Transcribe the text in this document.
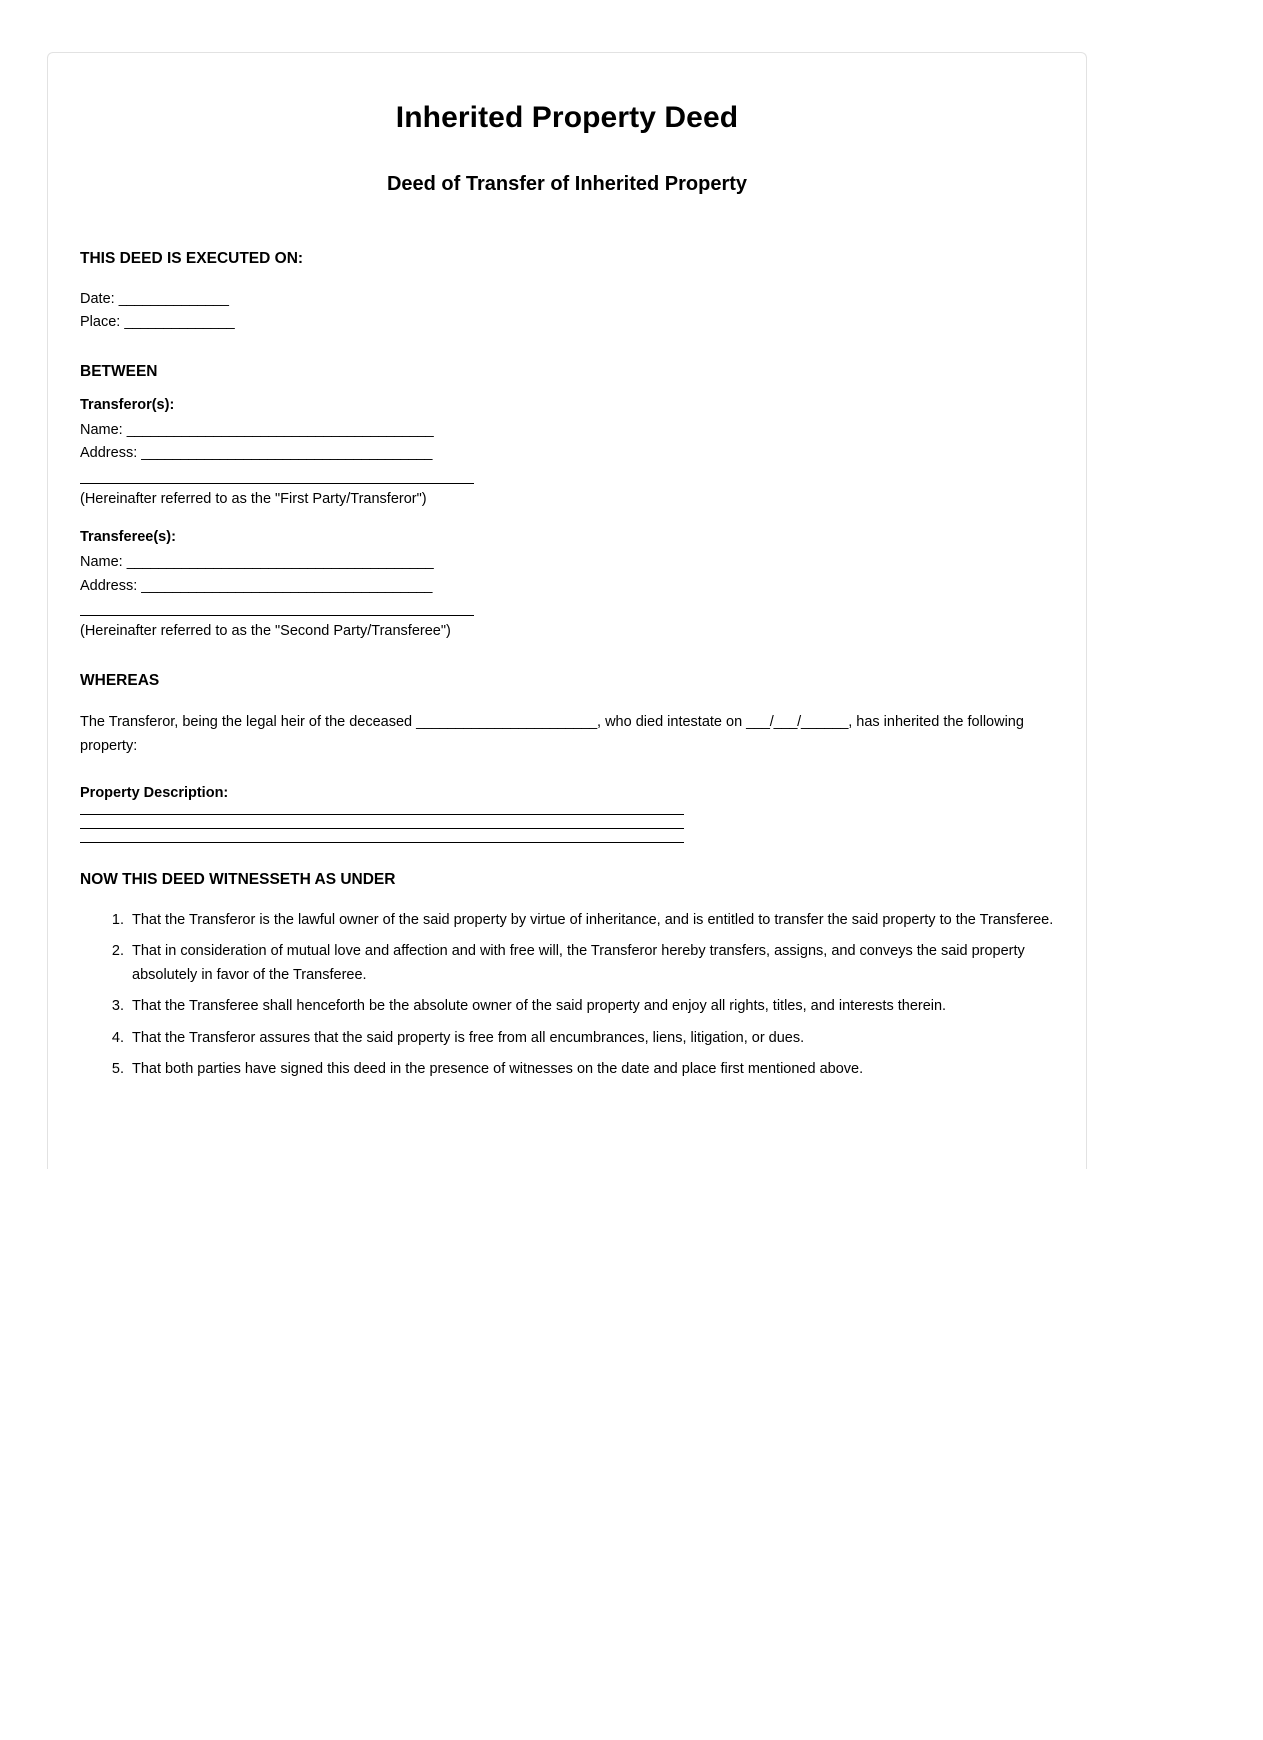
Inherited Property Deed
Deed of Transfer of Inherited Property
THIS DEED IS EXECUTED ON:
Date: ______________
Place: ______________
BETWEEN
Transferor(s):
Name: _______________________________________
Address: _____________________________________
(Hereinafter referred to as the "First Party/Transferor")
Transferee(s):
Name: _______________________________________
Address: _____________________________________
(Hereinafter referred to as the "Second Party/Transferee")
WHEREAS

The Transferor, being the legal heir of the deceased _______________________, who died intestate on ___/___/______, has inherited the following property:

Property Description:
NOW THIS DEED WITNESSETH AS UNDER
1. That the Transferor is the lawful owner of the said property by virtue of inheritance, and is entitled to transfer the said property to the Transferee.
2. That in consideration of mutual love and affection and with free will, the Transferor hereby transfers, assigns, and conveys the said property absolutely in favor of the Transferee.
3. That the Transferee shall henceforth be the absolute owner of the said property and enjoy all rights, titles, and interests therein.
4. That the Transferor assures that the said property is free from all encumbrances, liens, litigation, or dues.
5. That both parties have signed this deed in the presence of witnesses on the date and place first mentioned above.
